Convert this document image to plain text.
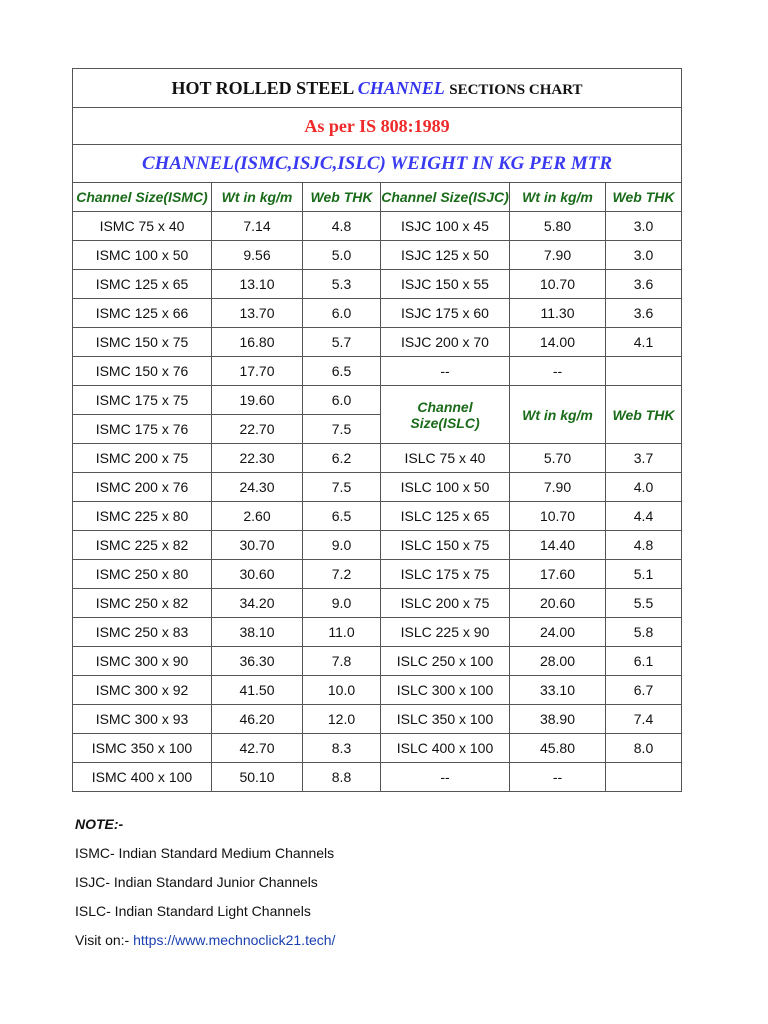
HOT ROLLED STEEL CHANNEL SECTIONS CHART					
As per IS 808:1989					
CHANNEL(ISMC,ISJC,ISLC) WEIGHT IN KG PER MTR					
Channel Size(ISMC)	Wt in kg/m	Web THK	Channel Size(ISJC)	Wt in kg/m	Web THK
ISMC 75 x 40	7.14	4.8	ISJC 100 x 45	5.80	3.0
ISMC 100 x 50	9.56	5.0	ISJC 125 x 50	7.90	3.0
ISMC 125 x 65	13.10	5.3	ISJC 150 x 55	10.70	3.6
ISMC 125 x 66	13.70	6.0	ISJC 175 x 60	11.30	3.6
ISMC 150 x 75	16.80	5.7	ISJC 200 x 70	14.00	4.1
ISMC 150 x 76	17.70	6.5	--	--	
ISMC 175 x 75	19.60	6.0	Channel Size(ISLC)	Wt in kg/m	Web THK
ISMC 175 x 76	22.70	7.5			
ISMC 200 x 75	22.30	6.2	ISLC 75 x 40	5.70	3.7
ISMC 200 x 76	24.30	7.5	ISLC 100 x 50	7.90	4.0
ISMC 225 x 80	2.60	6.5	ISLC 125 x 65	10.70	4.4
ISMC 225 x 82	30.70	9.0	ISLC 150 x 75	14.40	4.8
ISMC 250 x 80	30.60	7.2	ISLC 175 x 75	17.60	5.1
ISMC 250 x 82	34.20	9.0	ISLC 200 x 75	20.60	5.5
ISMC 250 x 83	38.10	11.0	ISLC 225 x 90	24.00	5.8
ISMC 300 x 90	36.30	7.8	ISLC 250 x 100	28.00	6.1
ISMC 300 x 92	41.50	10.0	ISLC 300 x 100	33.10	6.7
ISMC 300 x 93	46.20	12.0	ISLC 350 x 100	38.90	7.4
ISMC 350 x 100	42.70	8.3	ISLC 400 x 100	45.80	8.0
ISMC 400 x 100	50.10	8.8	--	--	
NOTE:-
ISMC- Indian Standard Medium Channels
ISJC- Indian Standard Junior Channels
ISLC- Indian Standard Light Channels
Visit on:- https://www.mechnoclick21.tech/
